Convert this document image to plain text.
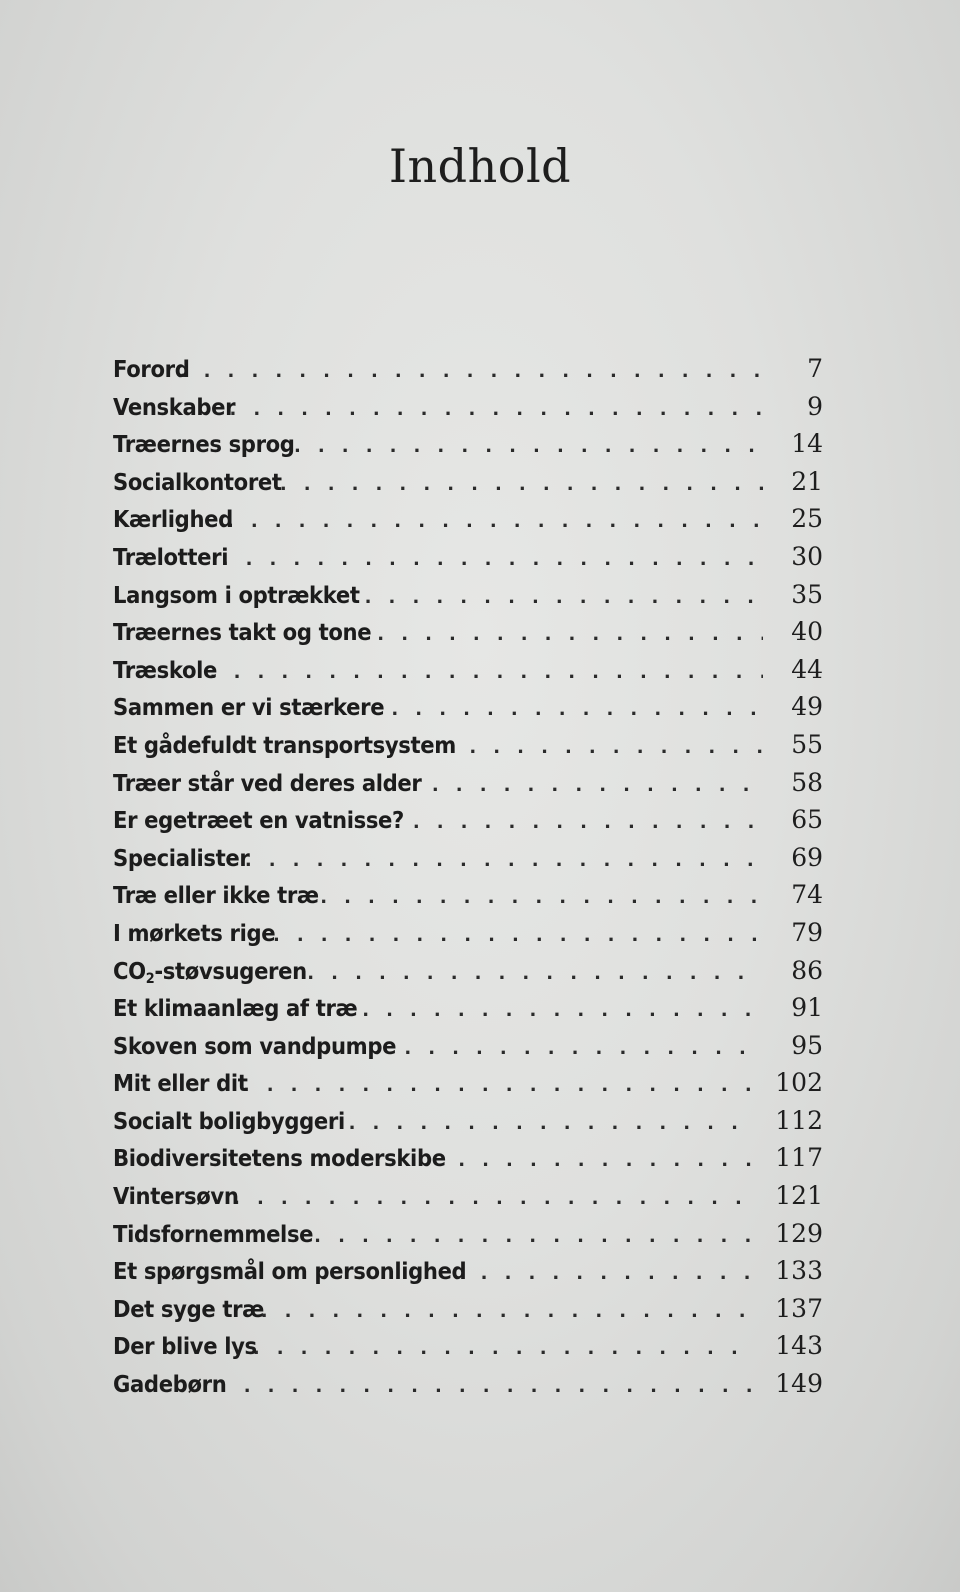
Indhold
Forord . . .	7
Venskaber . . .	9
Træernes sprog . . .	14
Socialkontoret . . .	21
Kærlighed . . .	25
Trælotteri . . .	30
Langsom i optrækket . . .	35
Træernes takt og tone . . .	40
Træskole . . .	44
Sammen er vi stærkere . . .	49
Et gådefuldt transportsystem . . .	55
Træer står ved deres alder . . .	58
Er egetræet en vatnisse? . . .	65
Specialister . . .	69
Træ eller ikke træ . . .	74
I mørkets rige . . .	79
$CO_2$-støvsugeren . . .	86
Et klimaanlæg af træ . . .	91
Skoven som vandpumpe . . .	95
Mit eller dit . . .	102
Socialt boligbyggeri . . .	112
Biodiversitetens moderskibe . . .	117
Vintersøvn . . .	121
Tidsfornemmelse . . .	129
Et spørgsmål om personlighed . . .	133
Det syge træ . . .	137
Der blive lys . . .	143
Gadebørn . . .	149
